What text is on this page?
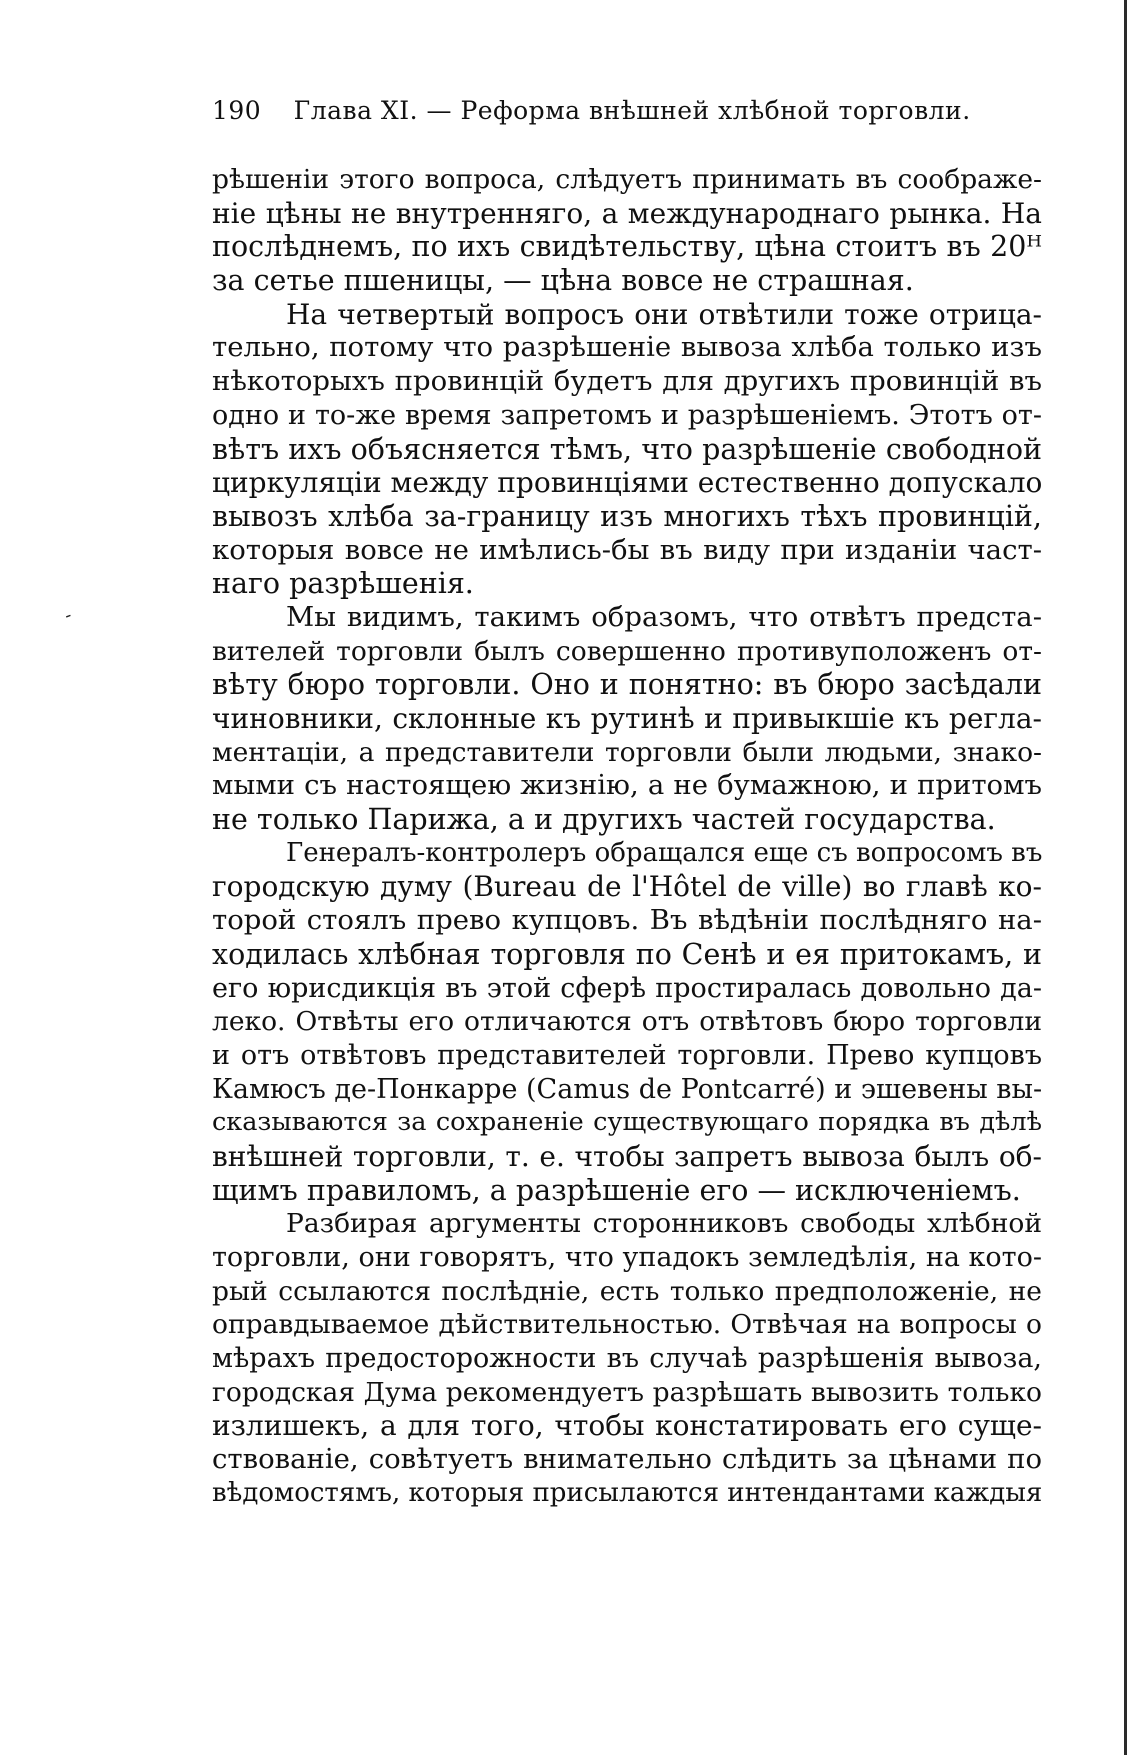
190 Глава XI. — Реформа внѣшней хлѣбной торговли.
-
рѣшеніи этого вопроса, слѣдуетъ принимать въ соображе-
ніе цѣны не внутренняго, а международнаго рынка. На
послѣднемъ, по ихъ свидѣтельству, цѣна стоитъ въ 20ᴴ
за сетье пшеницы, — цѣна вовсе не страшная.
На четвертый вопросъ они отвѣтили тоже отрица-
тельно, потому что разрѣшеніе вывоза хлѣба только изъ
нѣкоторыхъ провинцій будетъ для другихъ провинцій въ
одно и то-же время запретомъ и разрѣшеніемъ. Этотъ от-
вѣтъ ихъ объясняется тѣмъ, что разрѣшеніе свободной
циркуляціи между провинціями естественно допускало
вывозъ хлѣба за-границу изъ многихъ тѣхъ провинцій,
которыя вовсе не имѣлись-бы въ виду при изданіи част-
наго разрѣшенія.
Мы видимъ, такимъ образомъ, что отвѣтъ предста-
вителей торговли былъ совершенно противуположенъ от-
вѣту бюро торговли. Оно и понятно: въ бюро засѣдали
чиновники, склонные къ рутинѣ и привыкшіе къ регла-
ментаціи, а представители торговли были людьми, знако-
мыми съ настоящею жизнію, а не бумажною, и притомъ
не только Парижа, а и другихъ частей государства.
Генералъ-контролеръ обращался еще съ вопросомъ въ
городскую думу (Bureau de l'Hôtel de ville) во главѣ ко-
торой стоялъ прево купцовъ. Въ вѣдѣніи послѣдняго на-
ходилась хлѣбная торговля по Сенѣ и ея притокамъ, и
его юрисдикція въ этой сферѣ простиралась довольно да-
леко. Отвѣты его отличаются отъ отвѣтовъ бюро торговли
и отъ отвѣтовъ представителей торговли. Прево купцовъ
Камюсъ де-Понкарре (Camus de Pontcarré) и эшевены вы-
сказываются за сохраненіе существующаго порядка въ дѣлѣ
внѣшней торговли, т. е. чтобы запретъ вывоза былъ об-
щимъ правиломъ, а разрѣшеніе его — исключеніемъ.
Разбирая аргументы сторонниковъ свободы хлѣбной
торговли, они говорятъ, что упадокъ земледѣлія, на кото-
рый ссылаются послѣдніе, есть только предположеніе, не
оправдываемое дѣйствительностью. Отвѣчая на вопросы о
мѣрахъ предосторожности въ случаѣ разрѣшенія вывоза,
городская Дума рекомендуетъ разрѣшать вывозить только
излишекъ, а для того, чтобы констатировать его суще-
ствованіе, совѣтуетъ внимательно слѣдить за цѣнами по
вѣдомостямъ, которыя присылаются интендантами каждыя
